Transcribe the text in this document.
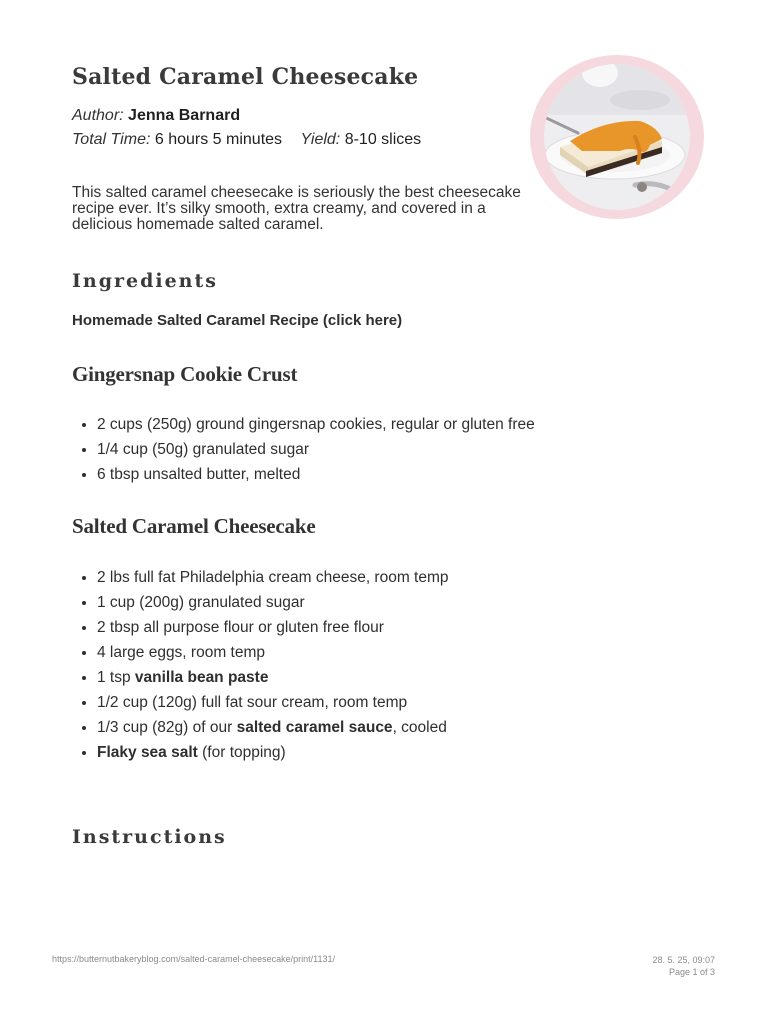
Salted Caramel Cheesecake
Author: Jenna Barnard
Total Time: 6 hours 5 minutes Yield: 8-10 slices

This salted caramel cheesecake is seriously the best cheesecake recipe ever. It’s silky smooth, extra creamy, and covered in a delicious homemade salted caramel.

Ingredients

Homemade Salted Caramel Recipe (click here)

Gingersnap Cookie Crust
• 2 cups (250g) ground gingersnap cookies, regular or gluten free
• 1/4 cup (50g) granulated sugar
• 6 tbsp unsalted butter, melted
Salted Caramel Cheesecake
• 2 lbs full fat Philadelphia cream cheese, room temp
• 1 cup (200g) granulated sugar
• 2 tbsp all purpose flour or gluten free flour
• 4 large eggs, room temp
• 1 tsp vanilla bean paste
• 1/2 cup (120g) full fat sour cream, room temp
• 1/3 cup (82g) of our salted caramel sauce, cooled
• Flaky sea salt (for topping)
Instructions
https://butternutbakeryblog.com/salted-caramel-cheesecake/print/1131/	28. 5. 25, 09:07
Page 1 of 3
